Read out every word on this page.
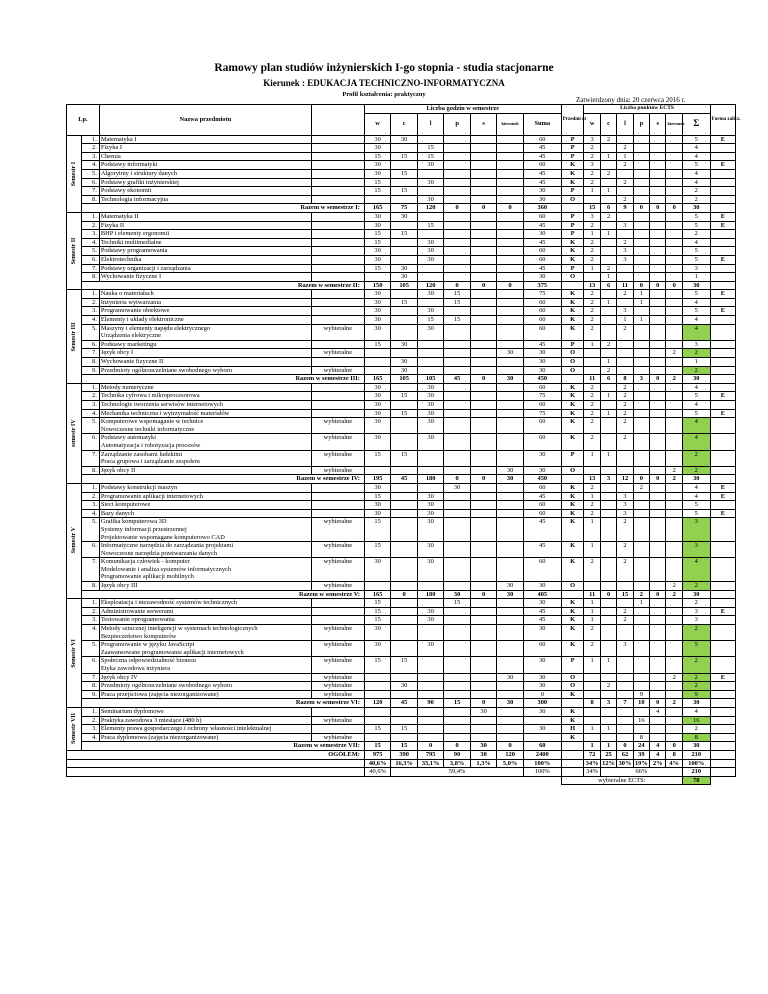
Ramowy plan studiów inżynierskich I-go stopnia - studia stacjonarne
Kierunek : EDUKACJA TECHNICZNO-INFORMATYCZNA
Profil kształcenia: praktyczny
Zatwierdzony dnia: 20 czerwca 2016 r.
Lp.		Nazwa przedmiotu		Liczba godzin w semestrze							Przedmi ot	Liczba punktów ECTS							Forma zalicz.
				w	c	l	p	s	kierunek	Suma		w	c	l	p	s	kierunek	Σ	
Semestr I	1.	Matematyka I		30	30					60	P	3	2					5	E
	2.	Fizyka I		30		15				45	P	2		2				4	
	3.	Chemia		15	15	15				45	P	2	1	1				4	
	4.	Podstawy informatyki		30		30				60	K	3		2				5	E
	5.	Algorytmy i struktury danych		30	15					45	K	2	2					4	
	6.	Podstawy grafiki inżynierskiej		15		30				45	K	2		2				4	
	7.	Podstawy ekonomii		15	15					30	P	1	1					2	
	8.	Technologia informacyjna				30				30	O			2				2	
	Razem w semestrze I:			165	75	120	0	0	0	360		15	6	9	0	0	0	30	
Semestr II	1.	Matematyka II		30	30					60	P	3	2					5	E
	2.	Fizyka II		30		15				45	P	2		3				5	E
	3.	BHP i elementy ergonomii		15	15					30	P	1	1					2	
	4.	Techniki multimedialne		15		30				45	K	2		2				4	
	5.	Podstawy programowania		30		30				60	K	2		3				5	
	6.	Elektrotechnika		30		30				60	K	2		3				5	E
	7.	Podstawy organizacji i zarządzania		15	30					45	P	1	2					3	
	8.	Wychowanie fizyczne I			30					30	O		1					1	
	Razem w semestrze II:			150	105	120	0	0	0	375		13	6	11	0	0	0	30	
Semestr III	1.	Nauka o materiałach		30		30	15			75	K	2		2	1			5	E
	2.	Inżynieria wytwarzania		30	15		15			60	K	2	1		1			4	
	3.	Programowanie obiektowe		30		30				60	K	2		3				5	E
	4.	Elementy i układy elektroniczne		30		15	15			60	K	2		1	1			4	
	5.	Maszyny i elementy napędu elektrycznego
Urządzenia elektryczne	wybieralne	30		30				60	K	2		2				4	
	6.	Podstawy marketingu		15	30					45	P	1	2					3	
	7.	Język obcy I	wybieralne						30	30	O						2	2	
	8.	Wychowanie fizyczne II			30					30	O		1					1	
	9.	Przedmioty ogólnouczelniane swobodnego wyboru	wybieralne		30					30	O		2					2	
	Razem w semestrze III:			165	105	105	45	0	30	450		11	6	8	3	0	2	30	
semestr IV	1.	Metody numeryczne		30		30				60	K	2		2				4	
	2.	Technika cyfrowa i mikroprocesorowa		30	15	30				75	K	2	1	2				5	E
	3.	Technologie tworzenia serwisów internetowych		30		30				60	K	2		2				4	
	4.	Mechanika techniczna i wytrzymałość materiałów		30	15	30				75	K	2	1	2				5	E
	5.	Komputerowe wspomaganie w technice
Nowoczesne techniki informatyczne	wybieralne	30		30				60	K	2		2				4	
	6.	Podstawy automatyki
Automatyzacja i robotyzacja procesów	wybieralne	30		30				60	K	2		2				4	
	7.	Zarządzanie zasobami ludzkimi
Praca grupowa i zarządzanie zespołem	wybieralne	15	15					30	P	1	1					2	
	8.	Język obcy II	wybieralne						30	30	O						2	2	
	Razem w semestrze IV:			195	45	180	0	0	30	450		13	3	12	0	0	2	30	
Semestr V	1.	Podstawy konstrukcji maszyn		30			30			60	K	2			2			4	E
	2.	Programowanie aplikacji internetowych		15		30				45	K	1		3				4	E
	3.	Sieci komputerowe		30		30				60	K	2		3				5	
	4.	Bazy danych		30		30				60	K	2		3				5	E
	5.	Grafika komputerowa 3D
Systemy informacji przestrzennej
Projektowanie wspomagane komputerowo CAD	wybieralne	15		30				45	K	1		2				3	
	6.	Informatyczne narzędzia do zarządzania projektami
Nowoczesne narzędzia przetwarzania danych	wybieralne	15		30				45	K	1		2				3	
	7.	Komunikacja człowiek - komputer
Modelowanie i analiza systemów informatycznych
Programowanie aplikacji mobilnych	wybieralne	30		30				60	K	2		2				4	
	8.	Język obcy III	wybieralne						30	30	O						2	2	
	Razem w semestrze V:			165	0	180	30	0	30	405		11	0	15	2	0	2	30	
Semestr VI	1.	Eksploatacja i niezawodność systemów technicznych		15			15			30	K	1			1			2	
	2.	Administrowanie serwerami		15		30				45	K	1		2				3	E
	3.	Testowanie oprogramowania		15		30				45	K	1		2				3	
	4.	Metody sztucznej inteligencji w systemach technologicznych
Bezpieczeństwo komputerów	wybieralne	30						30	K	2						2	
	5.	Programowanie w języku JavaScript
Zaawansowane programowanie aplikacji internetowych	wybieralne	30		30				60	K	2		3				5	
	6.	Społeczna odpowiedzialność biznesu
Etyka zawodowa inżyniera	wybieralne	15	15					30	P	1	1					2	
	7.	Język obcy IV	wybieralne						30	30	O						2	2	E
	8.	Przedmioty ogólnouczelniane swobodnego wyboru	wybieralne		30					30	O		2					2	
	9.	Praca przejściowa (zajęcia niezorganizowane)	wybieralne							0	K				9			9	
	Razem w semestrze VI:			120	45	90	15	0	30	300		8	3	7	10	0	2	30	
Semestr VII	1.	Seminarium dyplomowe						30		30	K					4		4	
	2.	Praktyka zawodowa 3 miesiące (480 h)	wybieralne								K				16			16	
	3.	Elementy prawa gospodarczego i ochrony własności intelektualnej		15	15					30	H	1	1					2	
	4.	Praca dyplomowa (zajęcia niezorganizowane)	wybieralne								K				8			8	
	Razem w semestrze VII:			15	15	0	0	30	0	60		1	1	0	24	4	0	30	
OGÓŁEM:				975	390	795	90	30	120	2400		72	25	62	39	4	8	210	
				40,6%	16,3%	33,1%	3,8%	1,3%	5,0%	100%		34%	12%	30%	19%	2%	4%	100%	
				40,6%	59,4%					100%		34%	66%					210	
											wybieralne ECTS:							78	
